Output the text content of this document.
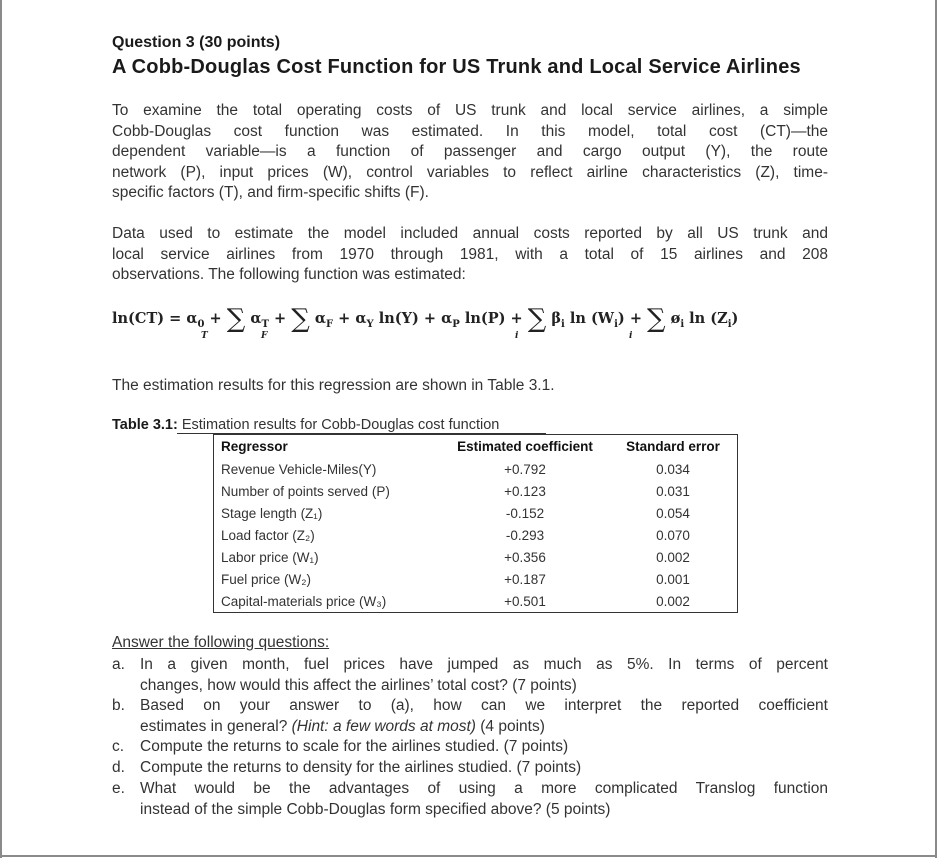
Question 3 (30 points)
A Cobb-Douglas Cost Function for US Trunk and Local Service Airlines
To examine the total operating costs of US trunk and local service airlines, a simple
Cobb-Douglas cost function was estimated. In this model, total cost (CT)—the
dependent variable—is a function of passenger and cargo output (Y), the route
network (P), input prices (W), control variables to reflect airline characteristics (Z), time-
specific factors (T), and firm-specific shifts (F).
Data used to estimate the model included annual costs reported by all US trunk and
local service airlines from 1970 through 1981, with a total of 15 airlines and 208
observations. The following function was estimated:
$\ln(CT) = \alpha_0$ + ∑ $\alpha_T$ + ∑ $\alpha_F + \alpha_Y$ $\ln(Y) + \alpha_P$ ln(P) + ∑ $\beta_i$ $\ln (W_i)$ + ∑ $ø_i$ $\ln (Z_i)$
T	F	i	i
The estimation results for this regression are shown in Table 3.1.
Table 3.1: Estimation results for Cobb-Douglas cost function
Regressor	Estimated coefficient	Standard error
Revenue Vehicle-Miles(Y)	+0.792	0.034
Number of points served (P)	+0.123	0.031
Stage length (Z₁)	-0.152	0.054
Load factor (Z₂)	-0.293	0.070
Labor price (W₁)	+0.356	0.002
Fuel price (W₂)	+0.187	0.001
Capital-materials price (W₃)	+0.501	0.002
Answer the following questions:
a. In a given month, fuel prices have jumped as much as 5%. In terms of percent
changes, how would this affect the airlines’ total cost? (7 points)
b. Based on your answer to (a), how can we interpret the reported coefficient
estimates in general? (Hint: a few words at most) (4 points)
c. Compute the returns to scale for the airlines studied. (7 points)
d. Compute the returns to density for the airlines studied. (7 points)
e. What would be the advantages of using a more complicated Translog function
instead of the simple Cobb-Douglas form specified above? (5 points)
